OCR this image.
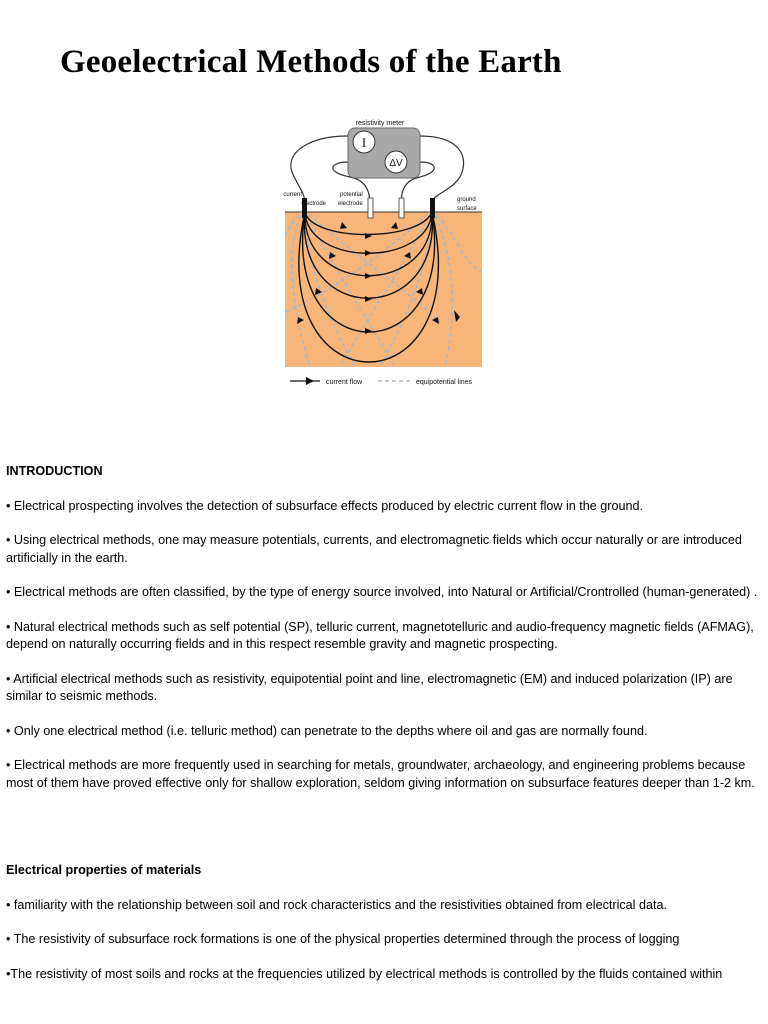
Geoelectrical Methods of the Earth
resistivity meter
I
ΔV
current
electrode
potential
electrode
ground
surface
current flow	equipotential lines
INTRODUCTION

• Electrical prospecting involves the detection of subsurface effects produced by electric current flow in the ground.

• Using electrical methods, one may measure potentials, currents, and electromagnetic fields which occur naturally or are introduced artificially in the earth.

• Electrical methods are often classified, by the type of energy source involved, into Natural or Artificial/Crontrolled (human-generated) .

• Natural electrical methods such as self potential (SP), telluric current, magnetotelluric and audio-frequency magnetic fields (AFMAG), depend on naturally occurring fields and in this respect resemble gravity and magnetic prospecting.

• Artificial electrical methods such as resistivity, equipotential point and line, electromagnetic (EM) and induced polarization (IP) are similar to seismic methods.

• Only one electrical method (i.e. telluric method) can penetrate to the depths where oil and gas are normally found.

• Electrical methods are more frequently used in searching for metals, groundwater, archaeology, and engineering problems because most of them have proved effective only for shallow exploration, seldom giving information on subsurface features deeper than 1-2 km.

Electrical properties of materials

• familiarity with the relationship between soil and rock characteristics and the resistivities obtained from electrical data.

• The resistivity of subsurface rock formations is one of the physical properties determined through the process of logging

•The resistivity of most soils and rocks at the frequencies utilized by electrical methods is controlled by the fluids contained within
